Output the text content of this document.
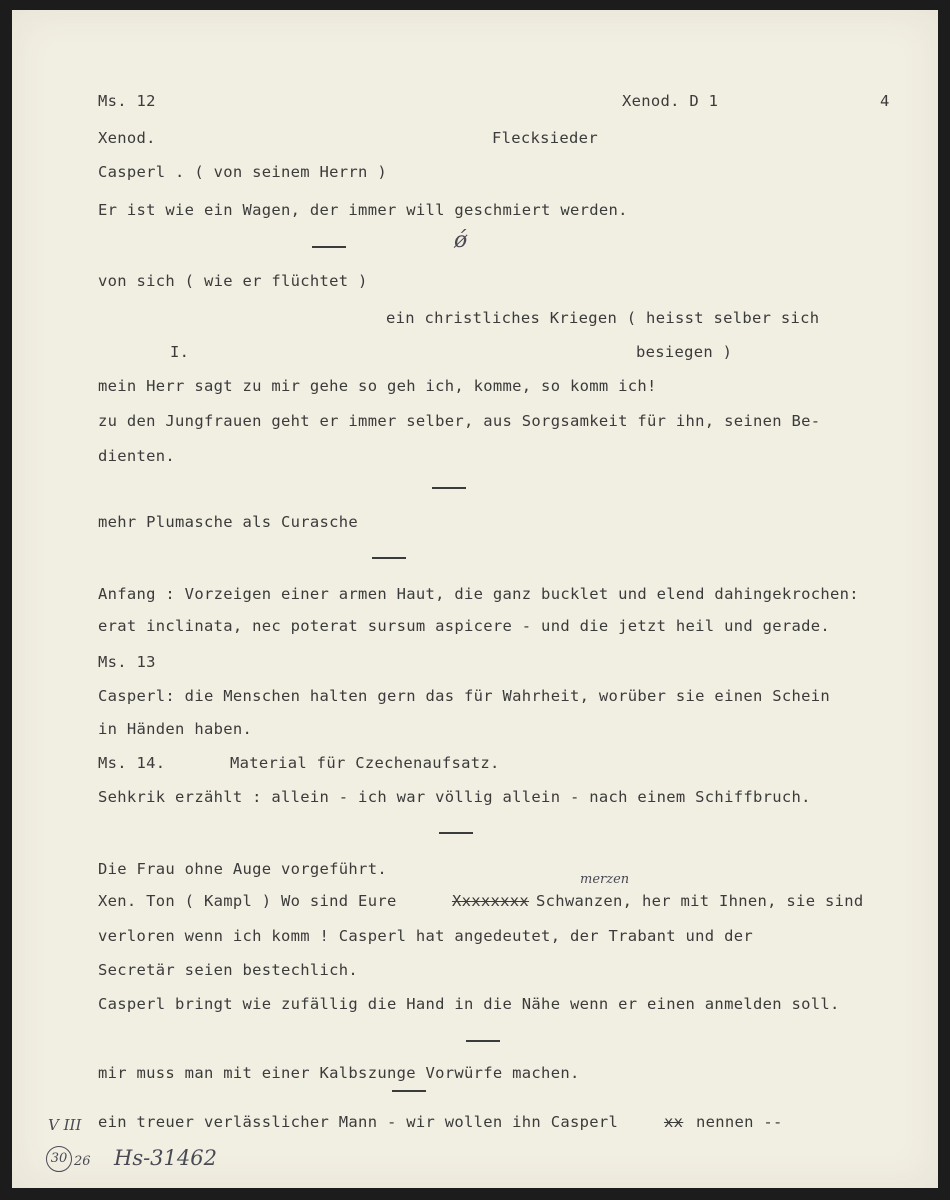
Ms. 12	Xenod. D 1	4
Xenod.	Flecksieder
Casperl . ( von seinem Herrn )
Er ist wie ein Wagen, der immer will geschmiert werden.
ǿ
von sich ( wie er flüchtet )
ein christliches Kriegen ( heisst selber sich
I.	besiegen )
mein Herr sagt zu mir gehe so geh ich, komme, so komm ich!
zu den Jungfrauen geht er immer selber, aus Sorgsamkeit für ihn, seinen Be-
dienten.
mehr Plumasche als Curasche
Anfang : Vorzeigen einer armen Haut, die ganz bucklet und elend dahingekrochen:
erat inclinata, nec poterat sursum aspicere - und die jetzt heil und gerade.
Ms. 13
Casperl: die Menschen halten gern das für Wahrheit, worüber sie einen Schein
in Händen haben.
Ms. 14.	Material für Czechenaufsatz.
Sehkrik erzählt : allein - ich war völlig allein - nach einem Schiffbruch.
Die Frau ohne Auge vorgeführt.
merzen
Xen. Ton ( Kampl ) Wo sind Eure	Xxxxxxxx Schwanzen, her mit Ihnen, sie sind
verloren wenn ich komm ! Casperl hat angedeutet, der Trabant und der
Secretär seien bestechlich.
Casperl bringt wie zufällig die Hand in die Nähe wenn er einen anmelden soll.
mir muss man mit einer Kalbszunge Vorwürfe machen.
ein treuer verlässlicher Mann - wir wollen ihn Casperl	xx nennen --
V III
30 26 Hs-31462
